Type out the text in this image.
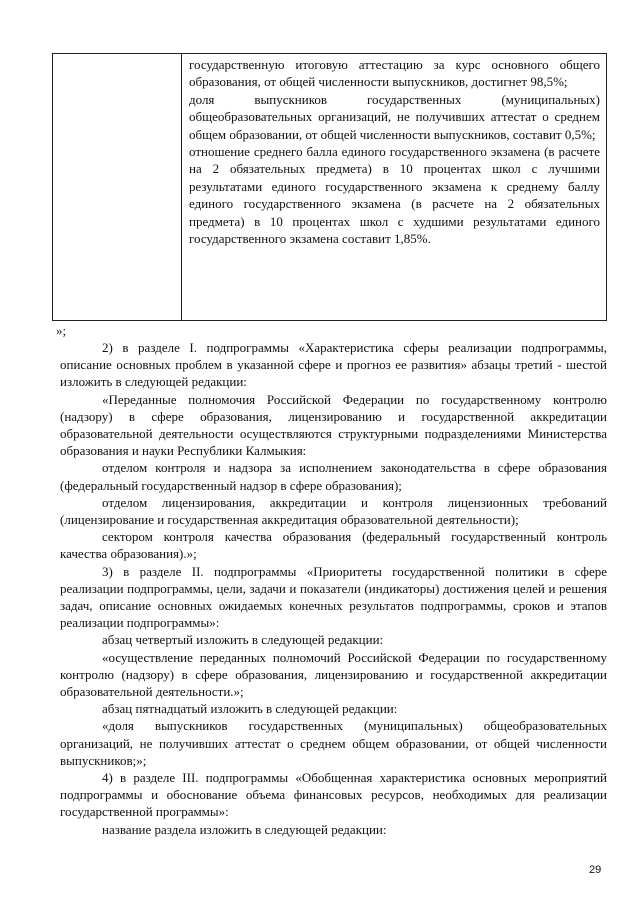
государственную итоговую аттестацию за курс основного общего образования, от общей численности выпускников, достигнет 98,5%;

доля выпускников государственных (муниципальных) общеобразовательных организаций, не получивших аттестат о среднем общем образовании, от общей численности выпускников, составит 0,5%;

отношение среднего балла единого государственного экзамена (в расчете на 2 обязательных предмета) в 10 процентах школ с лучшими результатами единого государственного экзамена к среднему баллу единого государственного экзамена (в расчете на 2 обязательных предмета) в 10 процентах школ с худшими результатами единого государственного экзамена составит 1,85%.

»;

2) в разделе I. подпрограммы «Характеристика сферы реализации подпрограммы, описание основных проблем в указанной сфере и прогноз ее развития» абзацы третий - шестой изложить в следующей редакции:

«Переданные полномочия Российской Федерации по государственному контролю (надзору) в сфере образования, лицензированию и государственной аккредитации образовательной деятельности осуществляются структурными подразделениями Министерства образования и науки Республики Калмыкия:

отделом контроля и надзора за исполнением законодательства в сфере образования (федеральный государственный надзор в сфере образования);

отделом лицензирования, аккредитации и контроля лицензионных требований (лицензирование и государственная аккредитация образовательной деятельности);

сектором контроля качества образования (федеральный государственный контроль качества образования).»;

3) в разделе II. подпрограммы «Приоритеты государственной политики в сфере реализации подпрограммы, цели, задачи и показатели (индикаторы) достижения целей и решения задач, описание основных ожидаемых конечных результатов подпрограммы, сроков и этапов реализации подпрограммы»:

абзац четвертый изложить в следующей редакции:

«осуществление переданных полномочий Российской Федерации по государственному контролю (надзору) в сфере образования, лицензированию и государственной аккредитации образовательной деятельности.»;

абзац пятнадцатый изложить в следующей редакции:

«доля выпускников государственных (муниципальных) общеобразовательных организаций, не получивших аттестат о среднем общем образовании, от общей численности выпускников;»;

4) в разделе III. подпрограммы «Обобщенная характеристика основных мероприятий подпрограммы и обоснование объема финансовых ресурсов, необходимых для реализации государственной программы»:

название раздела изложить в следующей редакции:

29
